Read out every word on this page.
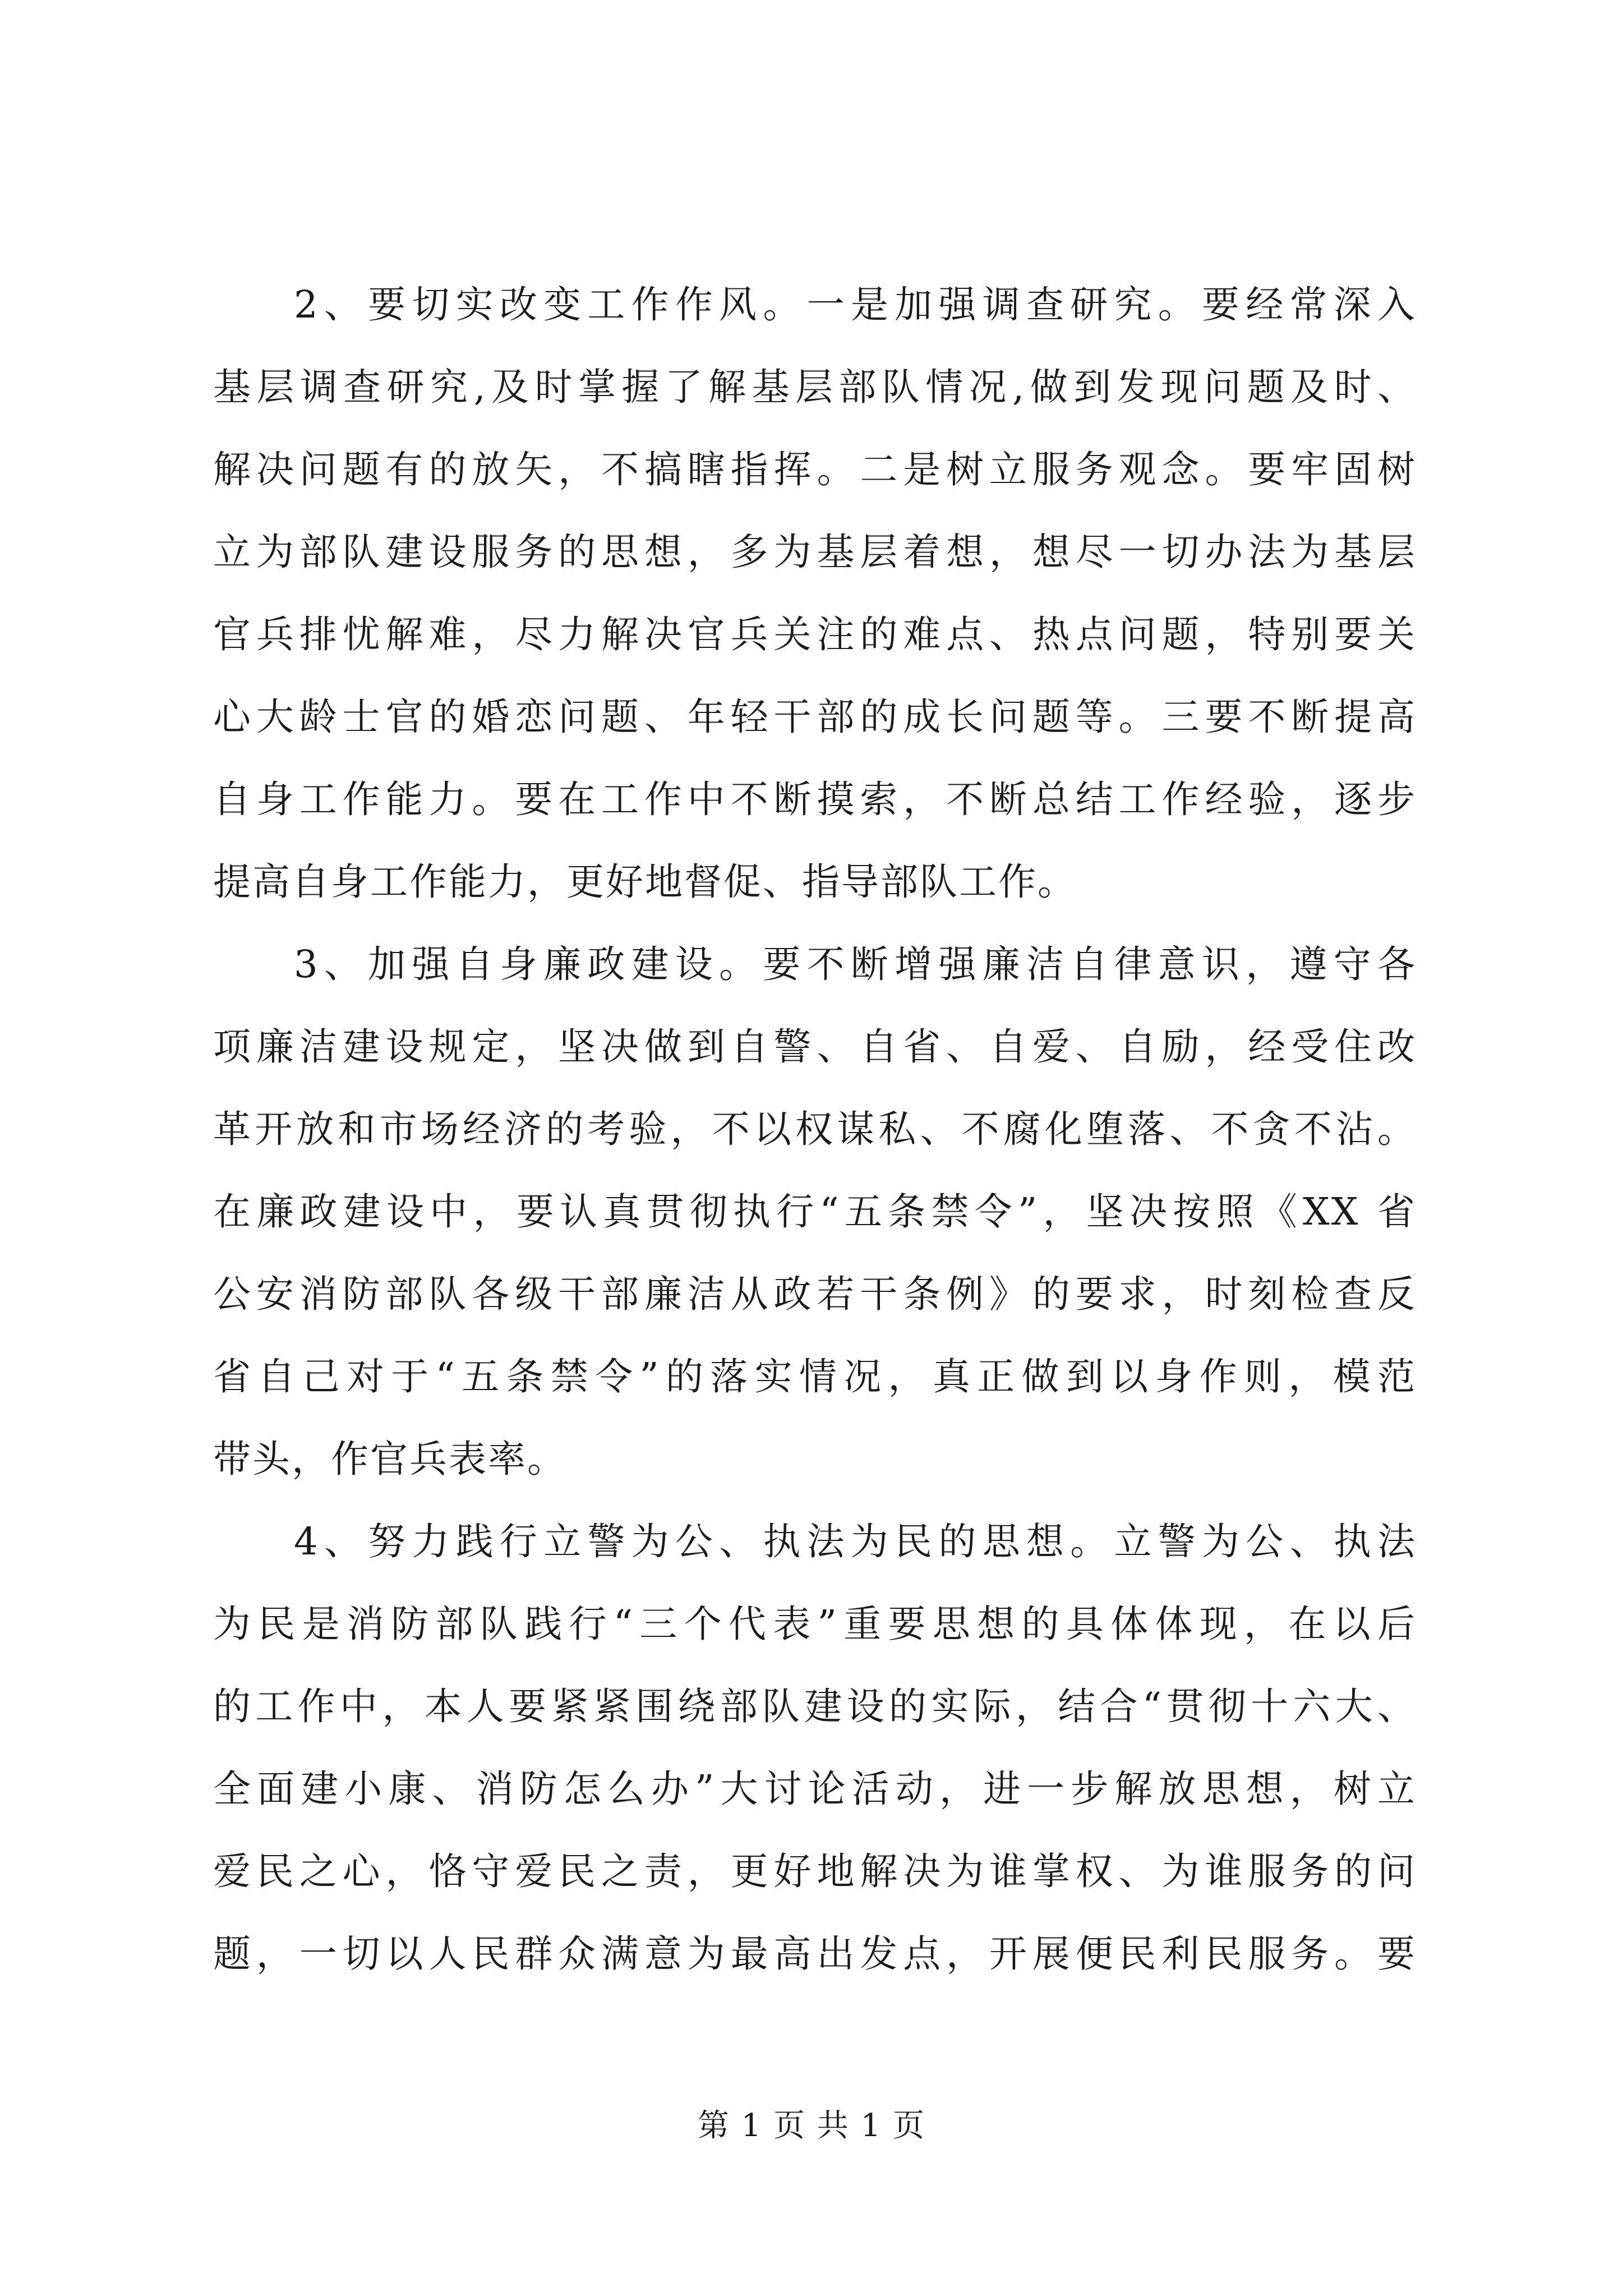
2、要切实改变工作作风。一是加强调查研究。要经常深入
基层调查研究,及时掌握了解基层部队情况,做到发现问题及时、
解决问题有的放矢，不搞瞎指挥。二是树立服务观念。要牢固树
立为部队建设服务的思想，多为基层着想，想尽一切办法为基层
官兵排忧解难，尽力解决官兵关注的难点、热点问题，特别要关
心大龄士官的婚恋问题、年轻干部的成长问题等。三要不断提高
自身工作能力。要在工作中不断摸索，不断总结工作经验，逐步
提高自身工作能力，更好地督促、指导部队工作。
3、加强自身廉政建设。要不断增强廉洁自律意识，遵守各
项廉洁建设规定，坚决做到自警、自省、自爱、自励，经受住改
革开放和市场经济的考验，不以权谋私、不腐化堕落、不贪不沾。
在廉政建设中，要认真贯彻执行“五条禁令”，坚决按照《XX 省
公安消防部队各级干部廉洁从政若干条例》的要求，时刻检查反
省自己对于“五条禁令”的落实情况，真正做到以身作则，模范
带头，作官兵表率。
4、努力践行立警为公、执法为民的思想。立警为公、执法
为民是消防部队践行“三个代表”重要思想的具体体现，在以后
的工作中，本人要紧紧围绕部队建设的实际，结合“贯彻十六大、
全面建小康、消防怎么办”大讨论活动，进一步解放思想，树立
爱民之心，恪守爱民之责，更好地解决为谁掌权、为谁服务的问
题，一切以人民群众满意为最高出发点，开展便民利民服务。要
第 1 页 共 1 页
